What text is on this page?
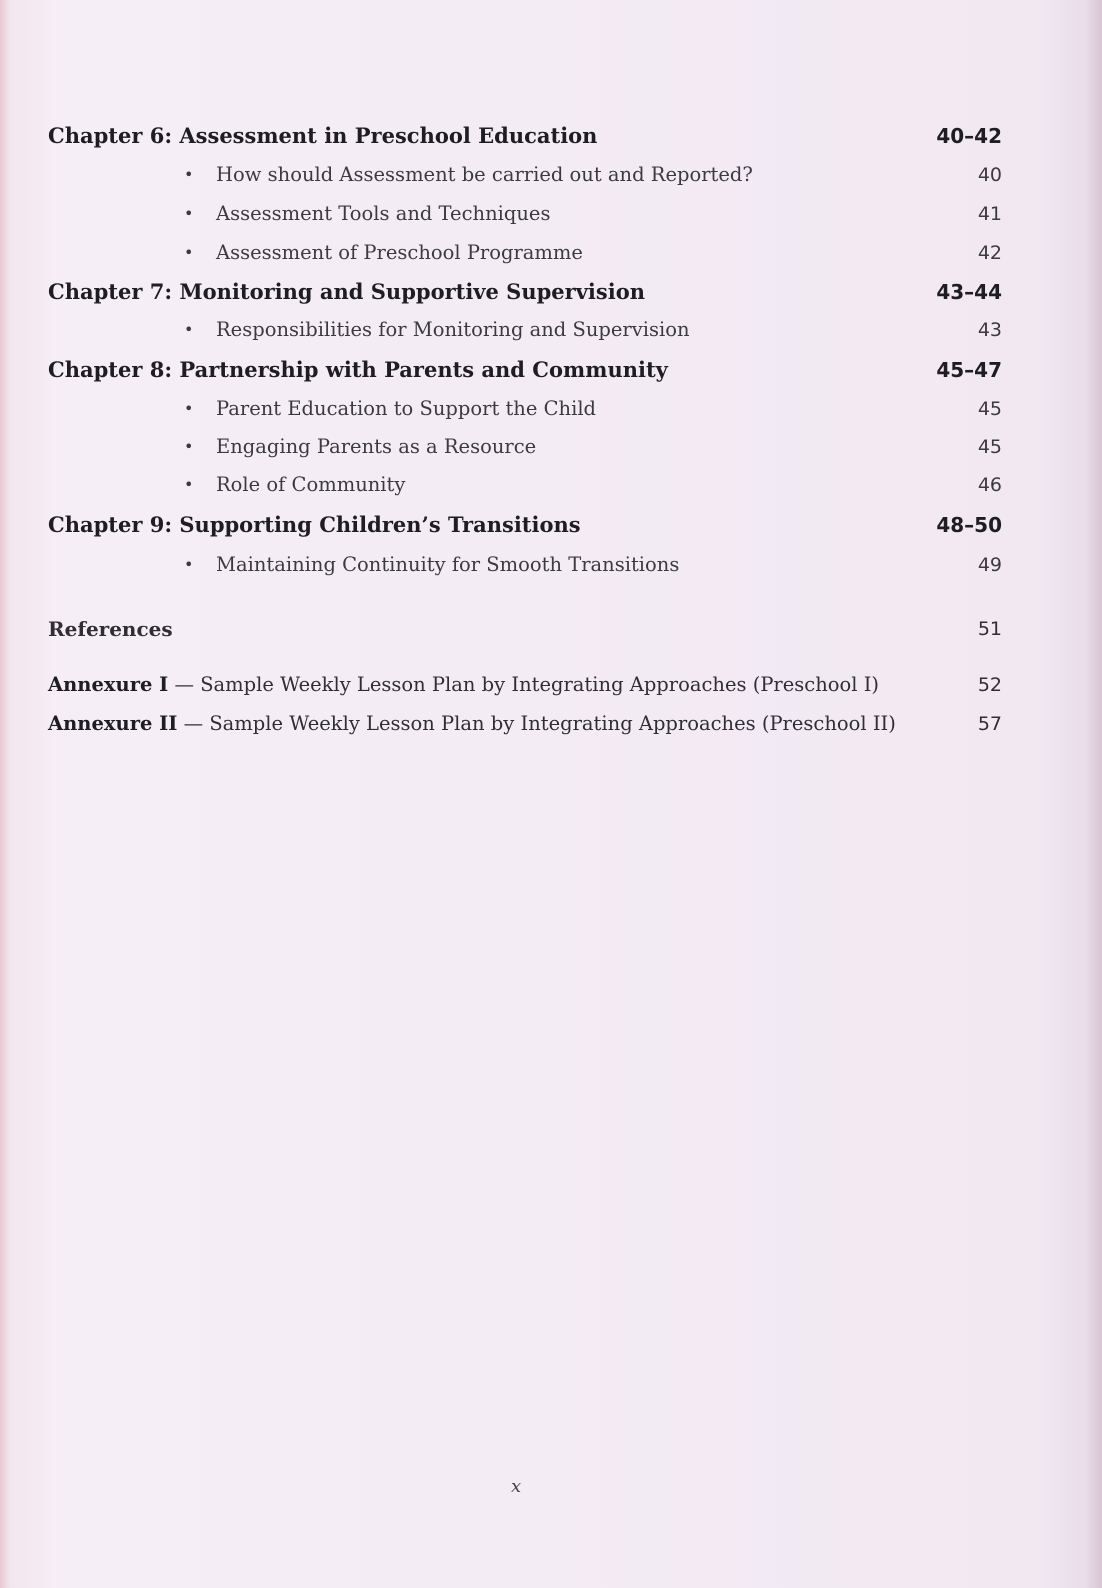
Chapter 6: Assessment in Preschool Education	40–42
• How should Assessment be carried out and Reported?	40
• Assessment Tools and Techniques	41
• Assessment of Preschool Programme	42
Chapter 7: Monitoring and Supportive Supervision	43–44
• Responsibilities for Monitoring and Supervision	43
Chapter 8: Partnership with Parents and Community	45–47
• Parent Education to Support the Child	45
• Engaging Parents as a Resource	45
• Role of Community	46
Chapter 9: Supporting Children’s Transitions	48–50
• Maintaining Continuity for Smooth Transitions	49
References	51
Annexure I — Sample Weekly Lesson Plan by Integrating Approaches (Preschool I)	52
Annexure II — Sample Weekly Lesson Plan by Integrating Approaches (Preschool II)	57
x
